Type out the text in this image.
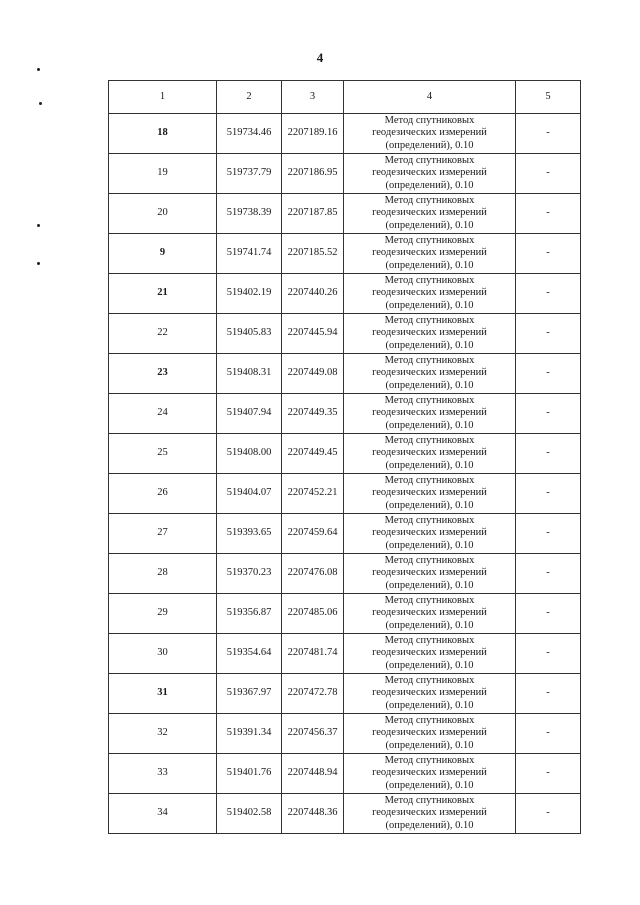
4
1	2	3	4	5
18	519734.46	2207189.16	Метод спутниковых
геодезических измерений
(определений), 0.10	-
19	519737.79	2207186.95	Метод спутниковых
геодезических измерений
(определений), 0.10	-
20	519738.39	2207187.85	Метод спутниковых
геодезических измерений
(определений), 0.10	-
9	519741.74	2207185.52	Метод спутниковых
геодезических измерений
(определений), 0.10	-
21	519402.19	2207440.26	Метод спутниковых
геодезических измерений
(определений), 0.10	-
22	519405.83	2207445.94	Метод спутниковых
геодезических измерений
(определений), 0.10	-
23	519408.31	2207449.08	Метод спутниковых
геодезических измерений
(определений), 0.10	-
24	519407.94	2207449.35	Метод спутниковых
геодезических измерений
(определений), 0.10	-
25	519408.00	2207449.45	Метод спутниковых
геодезических измерений
(определений), 0.10	-
26	519404.07	2207452.21	Метод спутниковых
геодезических измерений
(определений), 0.10	-
27	519393.65	2207459.64	Метод спутниковых
геодезических измерений
(определений), 0.10	-
28	519370.23	2207476.08	Метод спутниковых
геодезических измерений
(определений), 0.10	-
29	519356.87	2207485.06	Метод спутниковых
геодезических измерений
(определений), 0.10	-
30	519354.64	2207481.74	Метод спутниковых
геодезических измерений
(определений), 0.10	-
31	519367.97	2207472.78	Метод спутниковых
геодезических измерений
(определений), 0.10	-
32	519391.34	2207456.37	Метод спутниковых
геодезических измерений
(определений), 0.10	-
33	519401.76	2207448.94	Метод спутниковых
геодезических измерений
(определений), 0.10	-
34	519402.58	2207448.36	Метод спутниковых
геодезических измерений
(определений), 0.10	-
